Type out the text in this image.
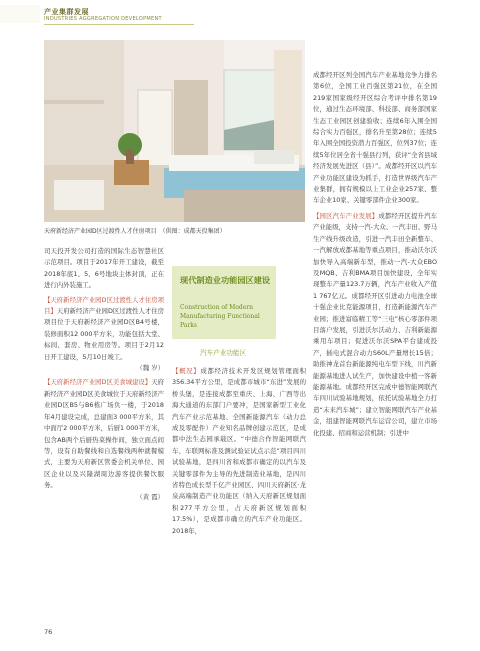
产业集群发展
INDUSTRIES AGGREGATION DEVELOPMENT
天府新经济产业园D区过渡性人才住房项目　（供图：成都天投集团）

司天投开发公司打造的国际生态智慧社区示范项目。项目于2017年开工建设，截至2018年底1、5、6号地块主体封顶，正在进行内外装施工。

【天府新经济产业园D区过渡性人才住房项目】天府新经济产业园D区过渡性人才住房项目位于天府新经济产业园D区B4号楼，装修面积12 000平方米，功能包括大堂、标间、套房、物业用房等。项目于2月12日开工建设，5月10日竣工。

（魏 岁）

【天府新经济产业园D区美食城建设】天府新经济产业园D区美食城位于天府新经济产业园D区B5与B6栋广场负一楼，于2018年4月建设完成，总建面3 000平方米，其中面厅2 000平方米，后厨1 000平方米，包含AB两个后厨热菜操作间，独立面点间等，设有自助餐线和自选餐线两种就餐模式，主要为天府新区管委会机关单位、园区企业以及兴隆湖周边游客提供餐饮服务。

（黄 霞）

现代制造业功能园区建设
Construction of Modern Manufacturing Functional Parks
汽车产业功能区

【概况】成都经济技术开发区规划管理面积356.34平方公里，是成都市城市“东进”发展的桥头堡，是连接成都至重庆、上海、广西等出海大通道的东部门户要冲，是国家新型工业化汽车产业示范基地、全国新能源汽车（动力总成及零配件）产业知名品牌创建示范区，是成都中法生态园承载区。“中德合作智能网联汽车、车联网标准及测试验证试点示范”项目四川试验基地，是四川省和成都市确定的以汽车及关键零部件为主导的先进制造业基地，是四川省特色成长型千亿产业园区、四川天府新区·龙泉高端制造产业功能区（纳入天府新区规划面积277平方公里，占天府新区规划面积17.5%），是成都市确立的汽车产业功能区。2018年，

成都经开区列全国汽车产业基地竞争力排名第6位，全国工业百强区第21位，在全国219家国家级经开区综合考评中排名第19位，通过生态环境部、科技部、商务部国家生态工业园区创建验收；连续6年入围全国综合实力百强区，排名升至第28位；连续5年入围全国投资潜力百强区，位列37位；连续5年位居全省十强县行列，获评“全省县域经济发展先进区（县）”。成都经开区以汽车产业功能区建设为抓手，打造世界级汽车产业集群，拥有规模以上工业企业257家、整车企业10家、关键零部件企业300家。

【园区汽车产业发展】成都经开区提升汽车产业能级，支持一汽-大众、一汽丰田、野马生产线升级改造，引进一汽丰田全新整车、一汽解放成都基地等重点项目，推动沃尔沃加快导入高端新车型，推动一汽-大众EBO及MQB、吉利BMA项目加快建设，全年实现整车产量123.7万辆，汽车产业收入产值1 767亿元。成都经开区引进动力电池全球十强企业比克能源项目，打造新能源汽车产业园；推进富临精工等“三电”核心零部件项目落户发展，引进沃尔沃动力、吉利新能源乘用车项目；促进沃尔沃SPA平台建成投产，插电式混合动力S60L产量增长15倍；助推神龙首台新能源纯电车型下线，川汽新能源基地进人试生产，加快建设中植一客新能源基地。成都经开区完成中德智能网联汽车四川试验基地规划，依托试验基地全力打造“未来汽车城”；建立智能网联汽车产业基金，组建智能网联汽车运营公司，建立市场化投建、招商和运营机制；引进中

76
